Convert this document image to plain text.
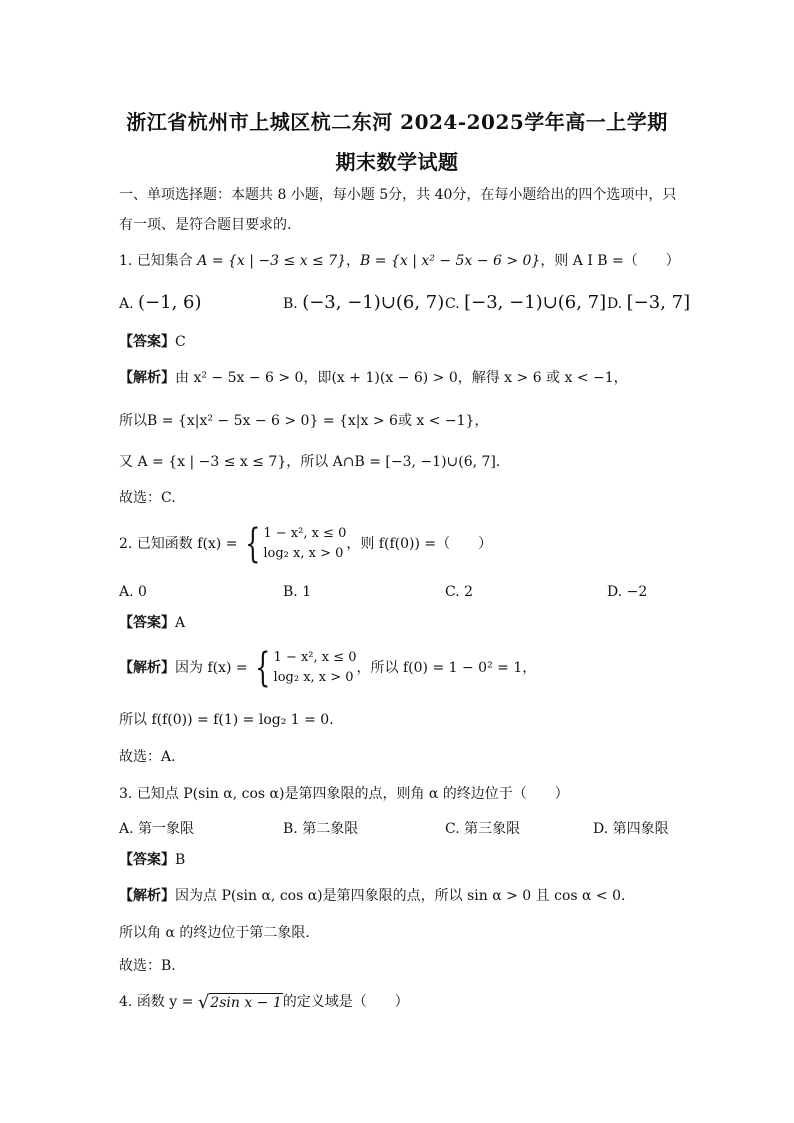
浙江省杭州市上城区杭二东河 2024-2025学年高一上学期
期末数学试题
一、单项选择题：本题共 8 小题，每小题 5分，共 40分，在每小题给出的四个选项中，只
有一项、是符合题目要求的.
1. 已知集合 A = {x | −3 ≤ x ≤ 7}，B = {x | x² − 5x − 6 > 0}，则 A I B =（　　）
A. (−1, 6)	B. (−3, −1)∪(6, 7) C. [−3, −1)∪(6, 7] D. [−3, 7]
【答案】C
【解析】由 x² − 5x − 6 > 0，即(x + 1)(x − 6) > 0，解得 x > 6 或 x < −1，
所以B = {x|x² − 5x − 6 > 0} = {x|x > 6或 x < −1}，
又 A = {x | −3 ≤ x ≤ 7}，所以 A∩B = [−3, −1)∪(6, 7].
故选：C.
2. 已知函数 f(x) = { 1 − x², x ≤ 0
log₂ x, x > 0
，则 f(f(0)) =（　　）
A. 0	B. 1	C. 2	D. −2
【答案】A
【解析】因为 f(x) = { 1 − x², x ≤ 0
log₂ x, x > 0
，所以 f(0) = 1 − 0² = 1，
所以 f(f(0)) = f(1) = log₂ 1 = 0.
故选：A.
3. 已知点 P(sin α, cos α)是第四象限的点，则角 α 的终边位于（　　）
A. 第一象限	B. 第二象限	C. 第三象限	D. 第四象限
【答案】B
【解析】因为点 P(sin α, cos α)是第四象限的点，所以 sin α > 0 且 cos α < 0.
所以角 α 的终边位于第二象限.
故选：B.
4. 函数 y = √ 2sin x − 1 的定义域是（　　）
